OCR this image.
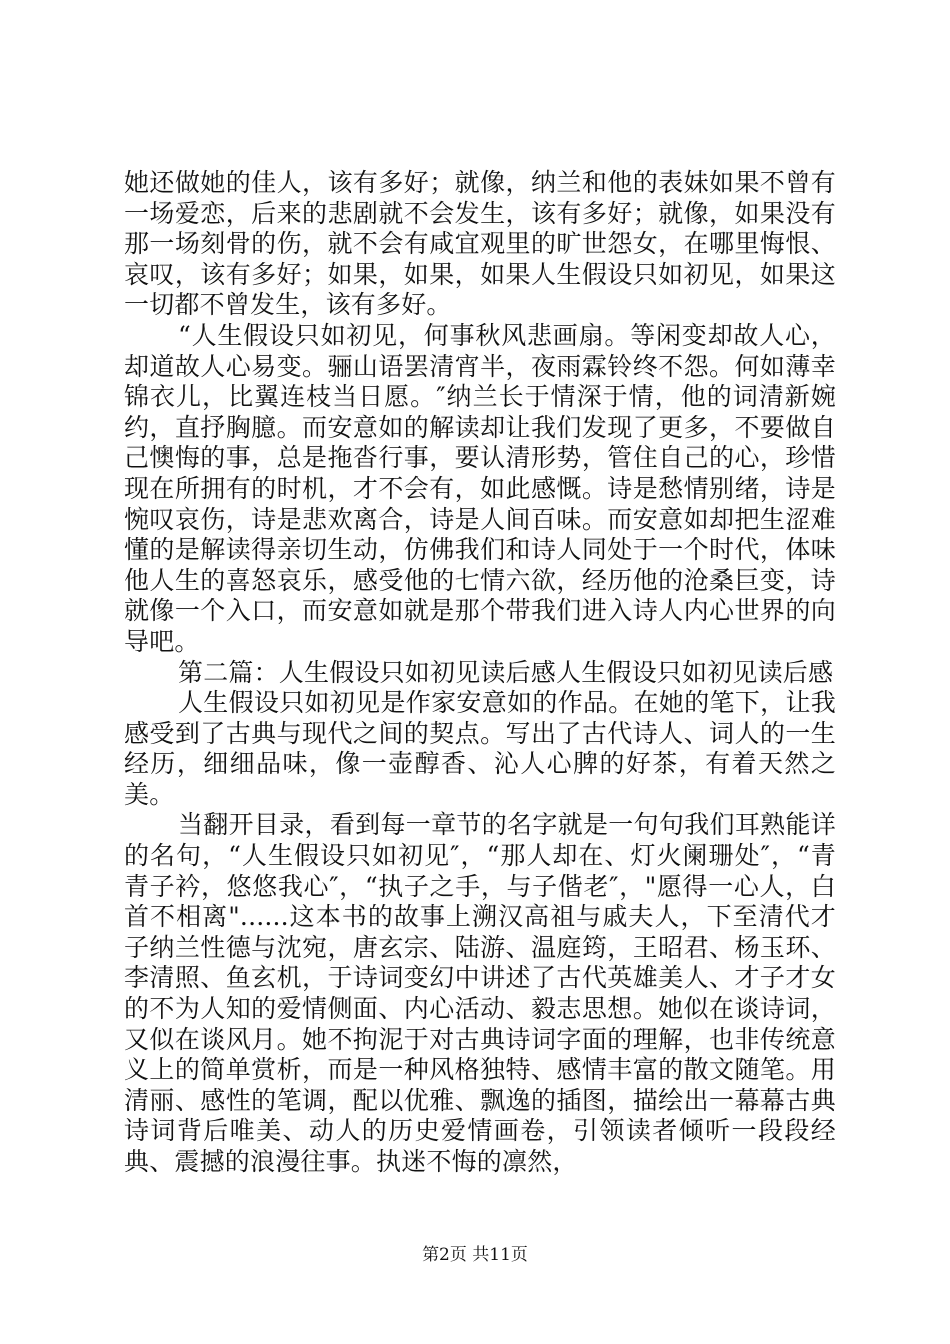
她还做她的佳人，该有多好；就像，纳兰和他的表妹如果不曾有一场爱恋，后来的悲剧就不会发生，该有多好；就像，如果没有那一场刻骨的伤，就不会有咸宜观里的旷世怨女，在哪里悔恨、哀叹，该有多好；如果，如果，如果人生假设只如初见，如果这一切都不曾发生，该有多好。

“人生假设只如初见，何事秋风悲画扇。等闲变却故人心，却道故人心易变。骊山语罢清宵半，夜雨霖铃终不怨。何如薄幸锦衣儿，比翼连枝当日愿。″纳兰长于情深于情，他的词清新婉约，直抒胸臆。而安意如的解读却让我们发现了更多，不要做自己懊悔的事，总是拖沓行事，要认清形势，管住自己的心，珍惜现在所拥有的时机，才不会有，如此感慨。诗是愁情别绪，诗是惋叹哀伤，诗是悲欢离合，诗是人间百味。而安意如却把生涩难懂的是解读得亲切生动，仿佛我们和诗人同处于一个时代，体味他人生的喜怒哀乐，感受他的七情六欲，经历他的沧桑巨变，诗就像一个入口，而安意如就是那个带我们进入诗人内心世界的向导吧。

第二篇：人生假设只如初见读后感人生假设只如初见读后感

人生假设只如初见是作家安意如的作品。在她的笔下，让我感受到了古典与现代之间的契点。写出了古代诗人、词人的一生经历，细细品味，像一壶醇香、沁人心脾的好茶，有着天然之美。

当翻开目录，看到每一章节的名字就是一句句我们耳熟能详的名句，“人生假设只如初见″，“那人却在、灯火阑珊处″，“青青子衿，悠悠我心″，“执子之手，与子偕老″，"愿得一心人，白首不相离"......这本书的故事上溯汉高祖与戚夫人，下至清代才子纳兰性德与沈宛，唐玄宗、陆游、温庭筠，王昭君、杨玉环、李清照、鱼玄机，于诗词变幻中讲述了古代英雄美人、才子才女的不为人知的爱情侧面、内心活动、毅志思想。她似在谈诗词，又似在谈风月。她不拘泥于对古典诗词字面的理解，也非传统意义上的简单赏析，而是一种风格独特、感情丰富的散文随笔。用清丽、感性的笔调，配以优雅、飘逸的插图，描绘出一幕幕古典诗词背后唯美、动人的历史爱情画卷，引领读者倾听一段段经典、震撼的浪漫往事。执迷不悔的凛然，

第2页 共11页
